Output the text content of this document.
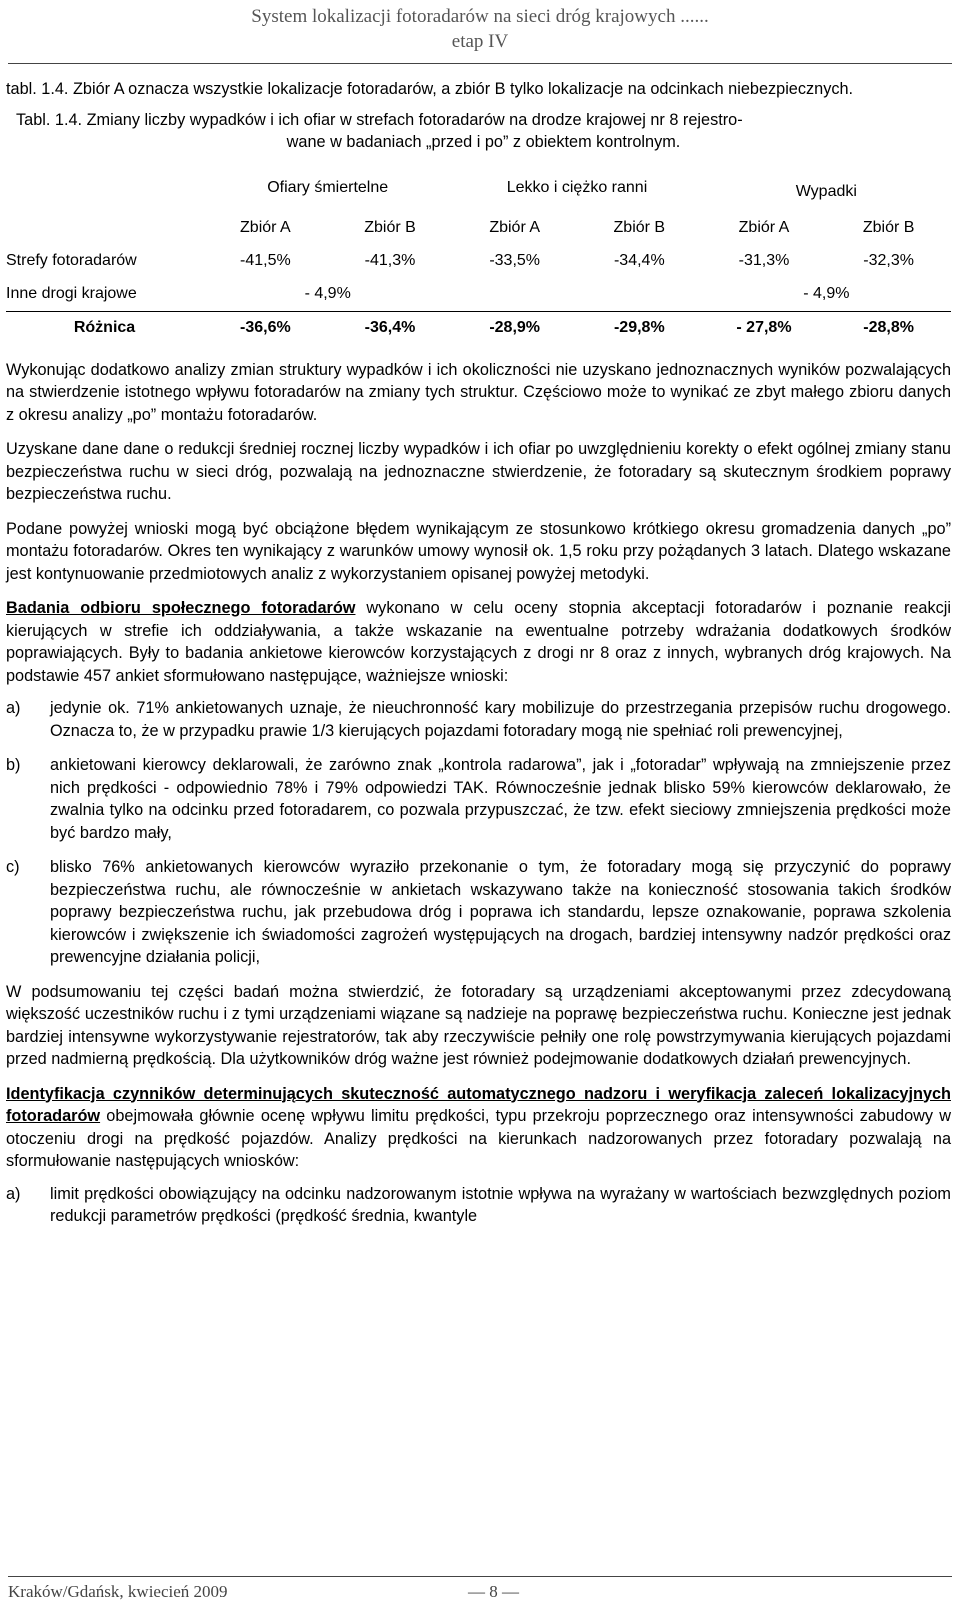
System lokalizacji fotoradarów na sieci dróg krajowych ......
etap IV

tabl. 1.4. Zbiór A oznacza wszystkie lokalizacje fotoradarów, a zbiór B tylko lokalizacje na odcinkach niebezpiecznych.

Tabl. 1.4. Zmiany liczby wypadków i ich ofiar w strefach fotoradarów na drodze krajowej nr 8 rejestro-
wane w badaniach „przed i po” z obiektem kontrolnym.

	Ofiary śmiertelne		Lekko i ciężko ranni		Wypadki	
	Zbiór A	Zbiór B	Zbiór A	Zbiór B	Zbiór A	Zbiór B
Strefy fotoradarów	-41,5%	-41,3%	-33,5%	-34,4%	-31,3%	-32,3%
Inne drogi krajowe	- 4,9%				- 4,9%	
Różnica	-36,6%	-36,4%	-28,9%	-29,8%	- 27,8%	-28,8%

Wykonując dodatkowo analizy zmian struktury wypadków i ich okoliczności nie uzyskano jednoznacznych wyników pozwalających na stwierdzenie istotnego wpływu fotoradarów na zmiany tych struktur. Częściowo może to wynikać ze zbyt małego zbioru danych z okresu analizy „po” montażu fotoradarów.

Uzyskane dane dane o redukcji średniej rocznej liczby wypadków i ich ofiar po uwzględnieniu korekty o efekt ogólnej zmiany stanu bezpieczeństwa ruchu w sieci dróg, pozwalają na jednoznaczne stwierdzenie, że fotoradary są skutecznym środkiem poprawy bezpieczeństwa ruchu.

Podane powyżej wnioski mogą być obciążone błędem wynikającym ze stosunkowo krótkiego okresu gromadzenia danych „po” montażu fotoradarów. Okres ten wynikający z warunków umowy wynosił ok. 1,5 roku przy pożądanych 3 latach. Dlatego wskazane jest kontynuowanie przedmiotowych analiz z wykorzystaniem opisanej powyżej metodyki.

Badania odbioru społecznego fotoradarów wykonano w celu oceny stopnia akceptacji fotoradarów i poznanie reakcji kierujących w strefie ich oddziaływania, a także wskazanie na ewentualne potrzeby wdrażania dodatkowych środków poprawiających. Były to badania ankietowe kierowców korzystających z drogi nr 8 oraz z innych, wybranych dróg krajowych. Na podstawie 457 ankiet sformułowano następujące, ważniejsze wnioski:

a)	jedynie ok. 71% ankietowanych uznaje, że nieuchronność kary mobilizuje do przestrzegania przepisów ruchu drogowego. Oznacza to, że w przypadku prawie 1/3 kierujących pojazdami fotoradary mogą nie spełniać roli prewencyjnej,
b)	ankietowani kierowcy deklarowali, że zarówno znak „kontrola radarowa”, jak i „fotoradar” wpływają na zmniejszenie przez nich prędkości - odpowiednio 78% i 79% odpowiedzi TAK. Równocześnie jednak blisko 59% kierowców deklarowało, że zwalnia tylko na odcinku przed fotoradarem, co pozwala przypuszczać, że tzw. efekt sieciowy zmniejszenia prędkości może być bardzo mały,
c)	blisko 76% ankietowanych kierowców wyraziło przekonanie o tym, że fotoradary mogą się przyczynić do poprawy bezpieczeństwa ruchu, ale równocześnie w ankietach wskazywano także na konieczność stosowania takich środków poprawy bezpieczeństwa ruchu, jak przebudowa dróg i poprawa ich standardu, lepsze oznakowanie, poprawa szkolenia kierowców i zwiększenie ich świadomości zagrożeń występujących na drogach, bardziej intensywny nadzór prędkości oraz prewencyjne działania policji,

W podsumowaniu tej części badań można stwierdzić, że fotoradary są urządzeniami akceptowanymi przez zdecydowaną większość uczestników ruchu i z tymi urządzeniami wiązane są nadzieje na poprawę bezpieczeństwa ruchu. Konieczne jest jednak bardziej intensywne wykorzystywanie rejestratorów, tak aby rzeczywiście pełniły one rolę powstrzymywania kierujących pojazdami przed nadmierną prędkością. Dla użytkowników dróg ważne jest również podejmowanie dodatkowych działań prewencyjnych.

Identyfikacja czynników determinujących skuteczność automatycznego nadzoru i weryfikacja zaleceń lokalizacyjnych fotoradarów obejmowała głównie ocenę wpływu limitu prędkości, typu przekroju poprzecznego oraz intensywności zabudowy w otoczeniu drogi na prędkość pojazdów. Analizy prędkości na kierunkach nadzorowanych przez fotoradary pozwalają na sformułowanie następujących wniosków:

a)	limit prędkości obowiązujący na odcinku nadzorowanym istotnie wpływa na wyrażany w wartościach bezwzględnych poziom redukcji parametrów prędkości (prędkość średnia, kwantyle
Kraków/Gdańsk, kwiecień 2009	— 8 —
